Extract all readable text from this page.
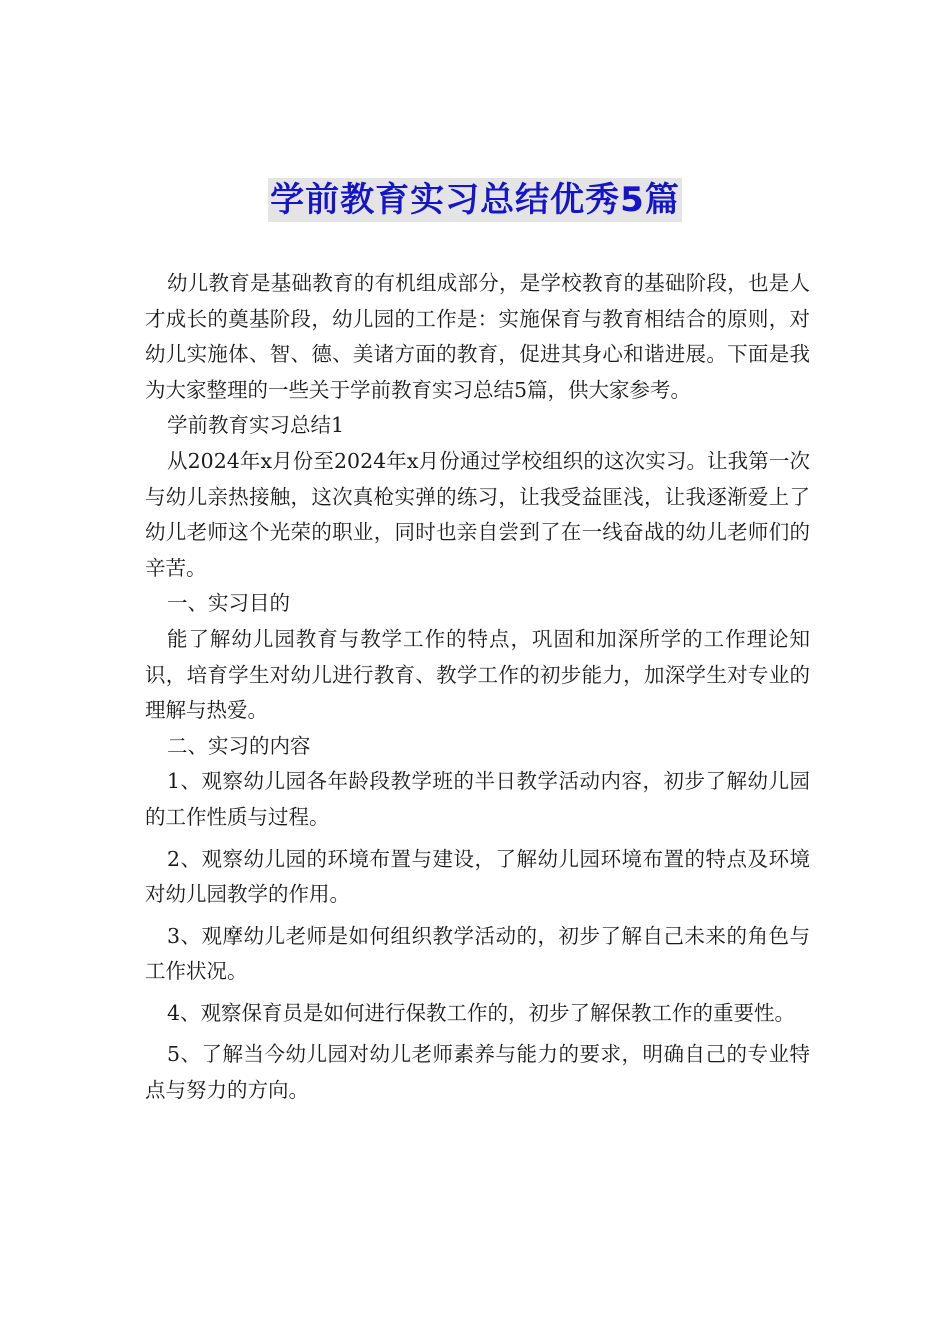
学前教育实习总结优秀5篇

幼儿教育是基础教育的有机组成部分，是学校教育的基础阶段，也是人才成长的奠基阶段，幼儿园的工作是：实施保育与教育相结合的原则，对幼儿实施体、智、德、美诸方面的教育，促进其身心和谐进展。下面是我为大家整理的一些关于学前教育实习总结5篇，供大家参考。

学前教育实习总结1

从2024年x月份至2024年x月份通过学校组织的这次实习。让我第一次与幼儿亲热接触，这次真枪实弹的练习，让我受益匪浅，让我逐渐爱上了幼儿老师这个光荣的职业，同时也亲自尝到了在一线奋战的幼儿老师们的辛苦。

一、实习目的

能了解幼儿园教育与教学工作的特点，巩固和加深所学的工作理论知识，培育学生对幼儿进行教育、教学工作的初步能力，加深学生对专业的理解与热爱。

二、实习的内容

1、观察幼儿园各年龄段教学班的半日教学活动内容，初步了解幼儿园的工作性质与过程。

2、观察幼儿园的环境布置与建设，了解幼儿园环境布置的特点及环境对幼儿园教学的作用。

3、观摩幼儿老师是如何组织教学活动的，初步了解自己未来的角色与工作状况。

4、观察保育员是如何进行保教工作的，初步了解保教工作的重要性。

5、了解当今幼儿园对幼儿老师素养与能力的要求，明确自己的专业特点与努力的方向。
